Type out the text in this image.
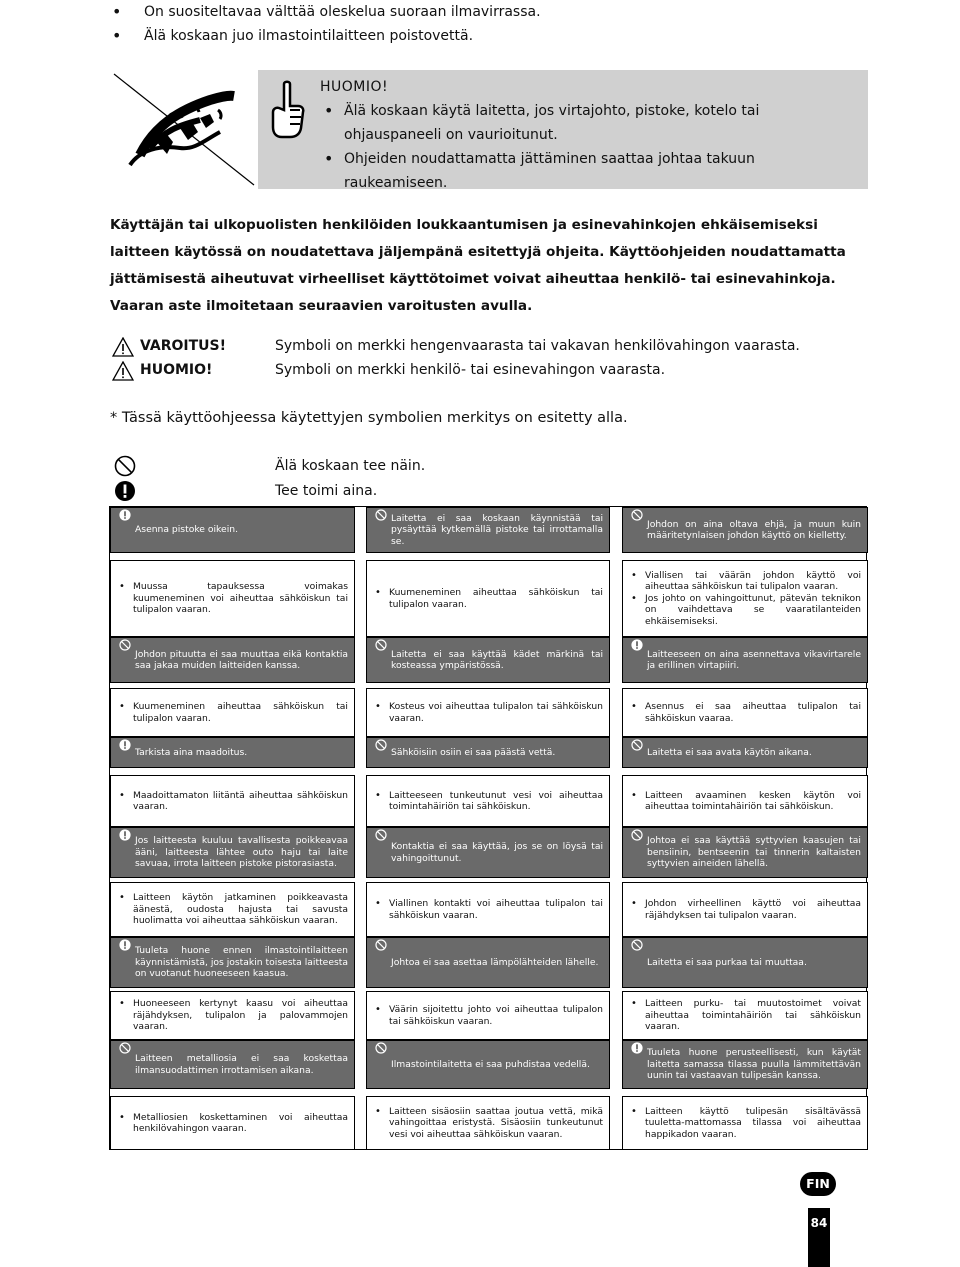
• On suositeltavaa välttää oleskelua suoraan ilmavirrassa.
• Älä koskaan juo ilmastointilaitteen poistovettä.
HUOMIO!
• Älä koskaan käytä laitetta, jos virtajohto, pistoke, kotelo tai ohjauspaneeli on vaurioitunut.
• Ohjeiden noudattamatta jättäminen saattaa johtaa takuun raukeamiseen.

Käyttäjän tai ulkopuolisten henkilöiden loukkaantumisen ja esinevahinkojen ehkäisemiseksi laitteen käytössä on noudatettava jäljempänä esitettyjä ohjeita. Käyttöohjeiden noudattamatta jättämisestä aiheutuvat virheelliset käyttötoimet voivat aiheuttaa henkilö- tai esinevahinkoja. Vaaran aste ilmoitetaan seuraavien varoitusten avulla.

VAROITUS!	Symboli on merkki hengenvaarasta tai vakavan henkilövahingon vaarasta.
HUOMIO!	Symboli on merkki henkilö- tai esinevahingon vaarasta.

* Tässä käyttöohjeessa käytettyjen symbolien merkitys on esitetty alla.

Älä koskaan tee näin.
Tee toimi aina.
Asenna pistoke oikein.
• Muussa tapauksessa voimakas kuumeneminen voi aiheuttaa sähköiskun tai tulipalon vaaran.
Laitetta ei saa koskaan käynnistää tai pysäyttää kytkemällä pistoke tai irrottamalla se.
• Kuumeneminen aiheuttaa sähköiskun tai tulipalon vaaran.
Johdon on aina oltava ehjä, ja muun kuin määritetynlaisen johdon käyttö on kielletty.
• Viallisen tai väärän johdon käyttö voi aiheuttaa sähköiskun tai tulipalon vaaran.
• Jos johto on vahingoittunut, pätevän teknikon on vaihdettava se vaaratilanteiden ehkäisemiseksi.
Johdon pituutta ei saa muuttaa eikä kontaktia saa jakaa muiden laitteiden kanssa.
• Kuumeneminen aiheuttaa sähköiskun tai tulipalon vaaran.
Laitetta ei saa käyttää kädet märkinä tai kosteassa ympäristössä.
• Kosteus voi aiheuttaa tulipalon tai sähköiskun vaaran.
Laitteeseen on aina asennettava vikavirtarele ja erillinen virtapiiri.
• Asennus ei saa aiheuttaa tulipalon tai sähköiskun vaaraa.
Tarkista aina maadoitus.
• Maadoittamaton liitäntä aiheuttaa sähköiskun vaaran.
Sähköisiin osiin ei saa päästä vettä.
• Laitteeseen tunkeutunut vesi voi aiheuttaa toimintahäiriön tai sähköiskun.
Laitetta ei saa avata käytön aikana.
• Laitteen avaaminen kesken käytön voi aiheuttaa toimintahäiriön tai sähköiskun.
Jos laitteesta kuuluu tavallisesta poikkeavaa ääni, laitteesta lähtee outo haju tai laite savuaa, irrota laitteen pistoke pistorasiasta.
• Laitteen käytön jatkaminen poikkeavasta äänestä, oudosta hajusta tai savusta huolimatta voi aiheuttaa sähköiskun vaaran.
Kontaktia ei saa käyttää, jos se on löysä tai vahingoittunut.
• Viallinen kontakti voi aiheuttaa tulipalon tai sähköiskun vaaran.
Johtoa ei saa käyttää syttyvien kaasujen tai bensiinin, bentseenin tai tinnerin kaltaisten syttyvien aineiden lähellä.
• Johdon virheellinen käyttö voi aiheuttaa räjähdyksen tai tulipalon vaaran.
Tuuleta huone ennen ilmastointilaitteen käynnistämistä, jos jostakin toisesta laitteesta on vuotanut huoneeseen kaasua.
• Huoneeseen kertynyt kaasu voi aiheuttaa räjähdyksen, tulipalon ja palovammojen vaaran.
Johtoa ei saa asettaa lämpölähteiden lähelle.
• Väärin sijoitettu johto voi aiheuttaa tulipalon tai sähköiskun vaaran.
Laitetta ei saa purkaa tai muuttaa.
• Laitteen purku- tai muutostoimet voivat aiheuttaa toimintahäiriön tai sähköiskun vaaran.
Laitteen metalliosia ei saa koskettaa ilmansuodattimen irrottamisen aikana.
• Metalliosien koskettaminen voi aiheuttaa henkilövahingon vaaran.
Ilmastointilaitetta ei saa puhdistaa vedellä.
• Laitteen sisäosiin saattaa joutua vettä, mikä vahingoittaa eristystä. Sisäosiin tunkeutunut vesi voi aiheuttaa sähköiskun vaaran.
Tuuleta huone perusteellisesti, kun käytät laitetta samassa tilassa puulla lämmitettävän uunin tai vastaavan tulipesän kanssa.
• Laitteen käyttö tulipesän sisältävässä tuuletta-mattomassa tilassa voi aiheuttaa happikadon vaaran.
FIN
84
